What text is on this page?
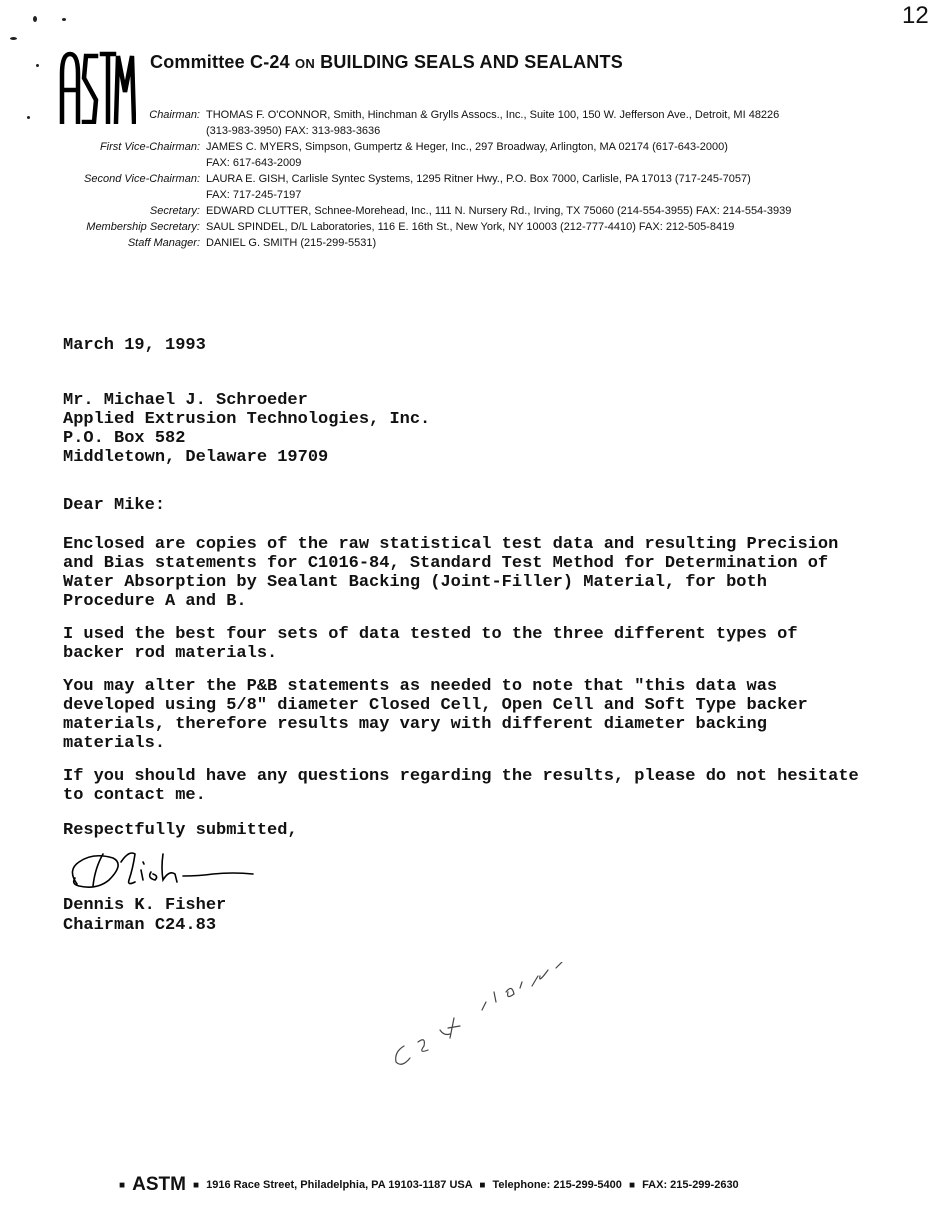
12
Committee C-24 ON BUILDING SEALS AND SEALANTS
Chairman: THOMAS F. O'CONNOR, Smith, Hinchman & Grylls Assocs., Inc., Suite 100, 150 W. Jefferson Ave., Detroit, MI 48226
(313-983-3950) FAX: 313-983-3636
First Vice-Chairman: JAMES C. MYERS, Simpson, Gumpertz & Heger, Inc., 297 Broadway, Arlington, MA 02174 (617-643-2000)
FAX: 617-643-2009
Second Vice-Chairman: LAURA E. GISH, Carlisle Syntec Systems, 1295 Ritner Hwy., P.O. Box 7000, Carlisle, PA 17013 (717-245-7057)
FAX: 717-245-7197
Secretary: EDWARD CLUTTER, Schnee-Morehead, Inc., 111 N. Nursery Rd., Irving, TX 75060 (214-554-3955) FAX: 214-554-3939
Membership Secretary: SAUL SPINDEL, D/L Laboratories, 116 E. 16th St., New York, NY 10003 (212-777-4410) FAX: 212-505-8419
Staff Manager: DANIEL G. SMITH (215-299-5531)
March 19, 1993
Mr. Michael J. Schroeder
Applied Extrusion Technologies, Inc.
P.O. Box 582
Middletown, Delaware 19709
Dear Mike:
Enclosed are copies of the raw statistical test data and resulting Precision and Bias statements for C1016-84, Standard Test Method for Determination of Water Absorption by Sealant Backing (Joint-Filler) Material, for both Procedure A and B.
I used the best four sets of data tested to the three different types of backer rod materials.
You may alter the P&B statements as needed to note that "this data was developed using 5/8" diameter Closed Cell, Open Cell and Soft Type backer materials, therefore results may vary with different diameter backing materials.
If you should have any questions regarding the results, please do not hesitate to contact me.
Respectfully submitted,
Dennis K. Fisher
Chairman C24.83
■ ASTM ■ 1916 Race Street, Philadelphia, PA 19103-1187 USA ■ Telephone: 215-299-5400 ■ FAX: 215-299-2630
